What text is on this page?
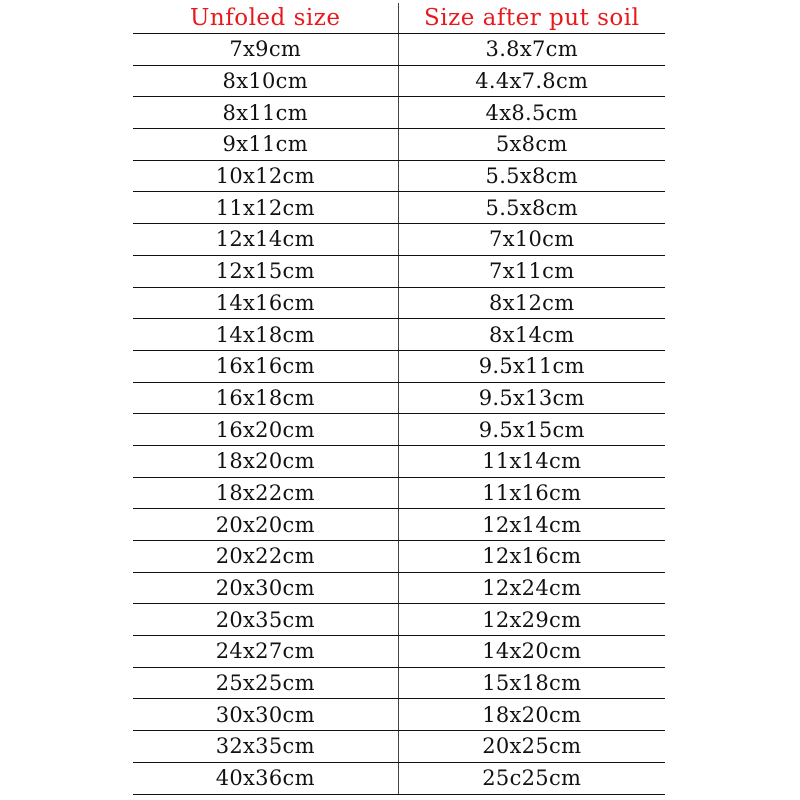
Unfoled size	Size after put soil
7x9cm	3.8x7cm
8x10cm	4.4x7.8cm
8x11cm	4x8.5cm
9x11cm	5x8cm
10x12cm	5.5x8cm
11x12cm	5.5x8cm
12x14cm	7x10cm
12x15cm	7x11cm
14x16cm	8x12cm
14x18cm	8x14cm
16x16cm	9.5x11cm
16x18cm	9.5x13cm
16x20cm	9.5x15cm
18x20cm	11x14cm
18x22cm	11x16cm
20x20cm	12x14cm
20x22cm	12x16cm
20x30cm	12x24cm
20x35cm	12x29cm
24x27cm	14x20cm
25x25cm	15x18cm
30x30cm	18x20cm
32x35cm	20x25cm
40x36cm	25c25cm
